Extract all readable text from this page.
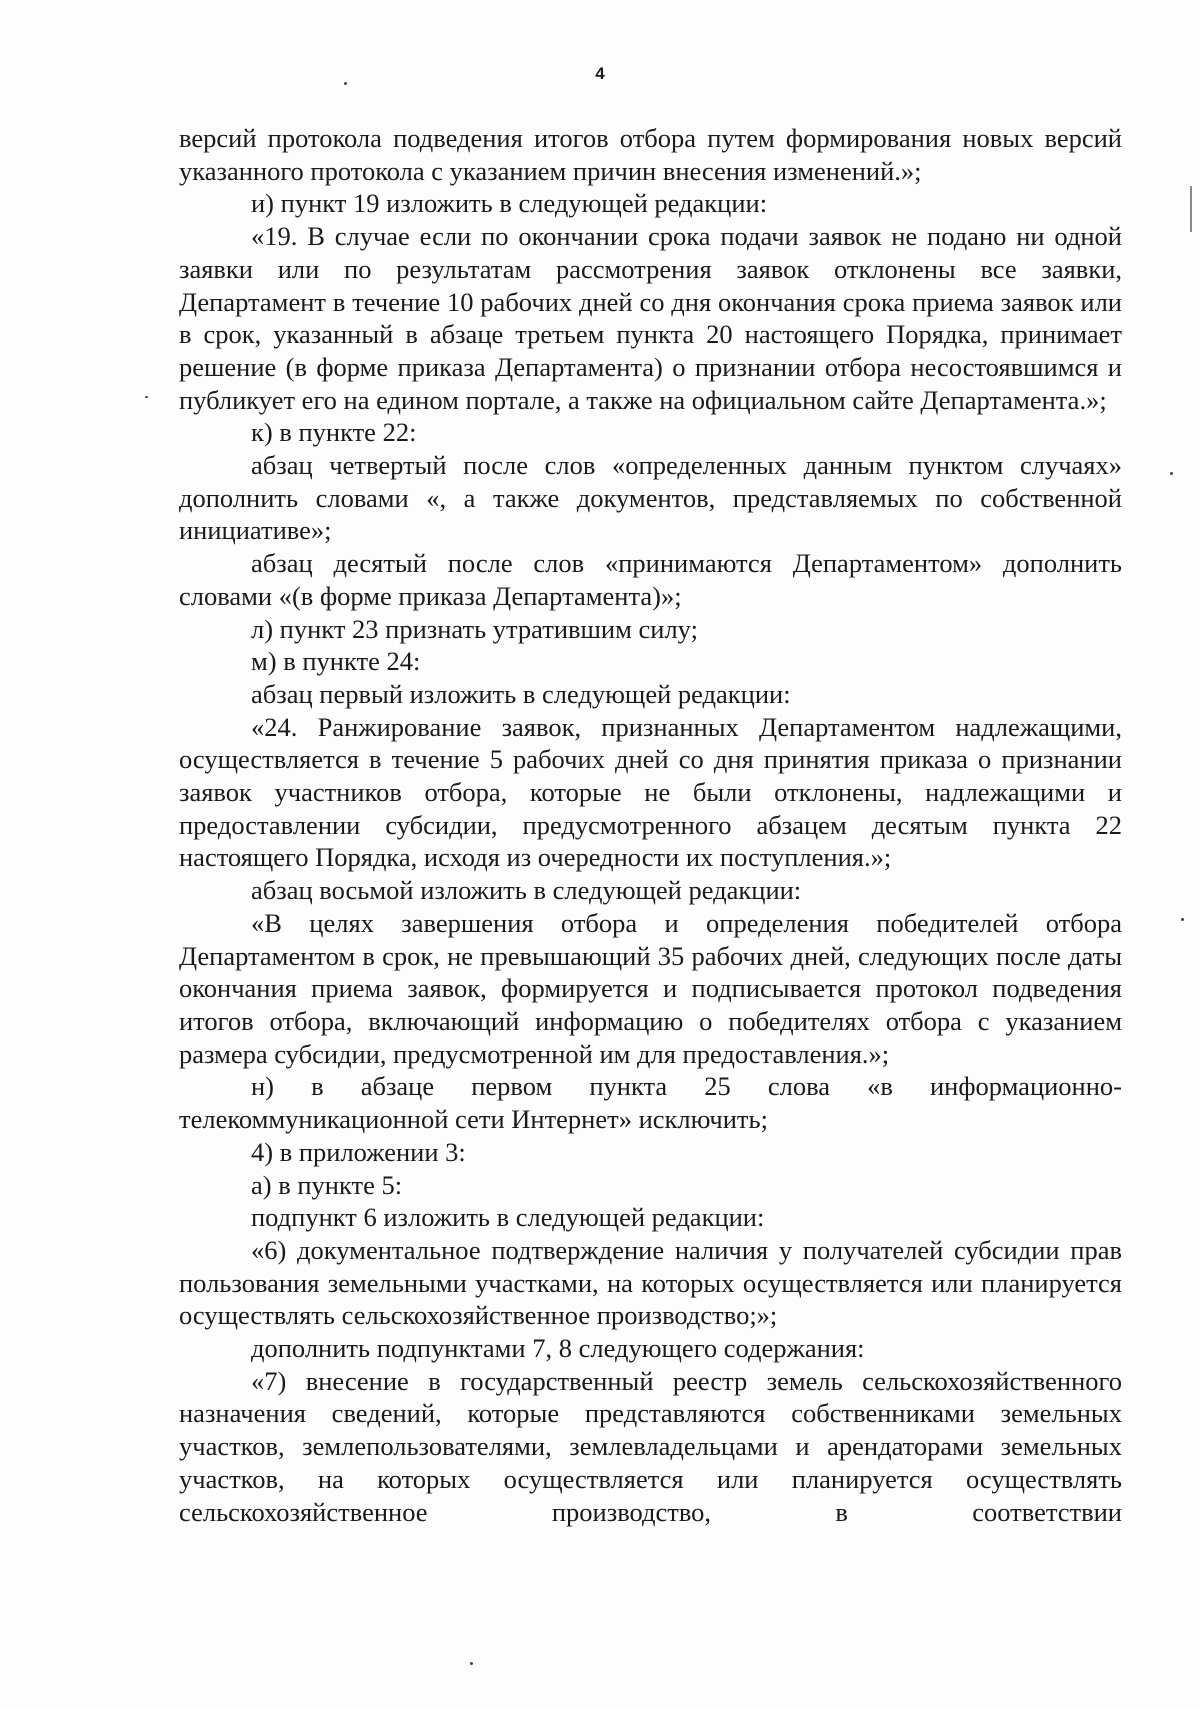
4

версий протокола подведения итогов отбора путем формирования новых версий указанного протокола с указанием причин внесения изменений.»;

и) пункт 19 изложить в следующей редакции:

«19. В случае если по окончании срока подачи заявок не подано ни одной заявки или по результатам рассмотрения заявок отклонены все заявки, Департамент в течение 10 рабочих дней со дня окончания срока приема заявок или в срок, указанный в абзаце третьем пункта 20 настоящего Порядка, принимает решение (в форме приказа Департамента) о признании отбора несостоявшимся и публикует его на едином портале, а также на официальном сайте Департамента.»;

к) в пункте 22:

абзац четвертый после слов «определенных данным пунктом случаях» дополнить словами «, а также документов, представляемых по собственной инициативе»;

абзац десятый после слов «принимаются Департаментом» дополнить словами «(в форме приказа Департамента)»;

л) пункт 23 признать утратившим силу;

м) в пункте 24:

абзац первый изложить в следующей редакции:

«24. Ранжирование заявок, признанных Департаментом надлежащими, осуществляется в течение 5 рабочих дней со дня принятия приказа о признании заявок участников отбора, которые не были отклонены, надлежащими и предоставлении субсидии, предусмотренного абзацем десятым пункта 22 настоящего Порядка, исходя из очередности их поступления.»;

абзац восьмой изложить в следующей редакции:

«В целях завершения отбора и определения победителей отбора Департаментом в срок, не превышающий 35 рабочих дней, следующих после даты окончания приема заявок, формируется и подписывается протокол подведения итогов отбора, включающий информацию о победителях отбора с указанием размера субсидии, предусмотренной им для предоставления.»;

н) в абзаце первом пункта 25 слова «в информационно-телекоммуникационной сети Интернет» исключить;

4) в приложении 3:

а) в пункте 5:

подпункт 6 изложить в следующей редакции:

«6) документальное подтверждение наличия у получателей субсидии прав пользования земельными участками, на которых осуществляется или планируется осуществлять сельскохозяйственное производство;»;

дополнить подпунктами 7, 8 следующего содержания:

«7) внесение в государственный реестр земель сельскохозяйственного назначения сведений, которые представляются собственниками земельных участков, землепользователями, землевладельцами и арендаторами земельных участков, на которых осуществляется или планируется осуществлять сельскохозяйственное производство, в соответствии
